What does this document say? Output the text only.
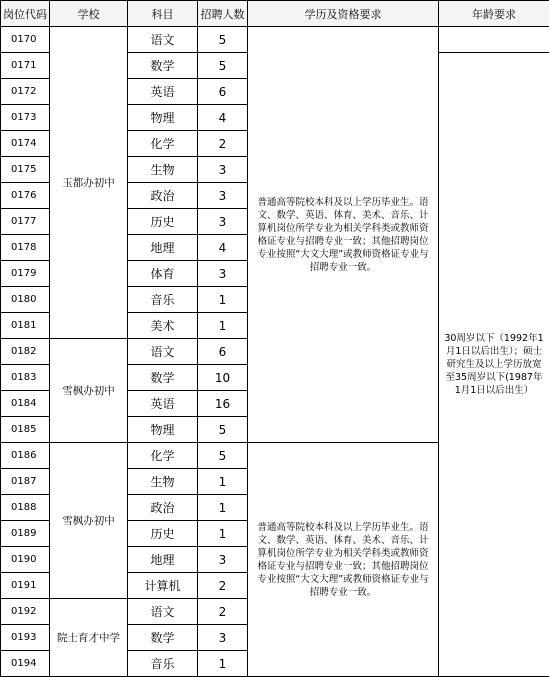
岗位代码	学校	科目	招聘人数	学历及资格要求	年龄要求
0170	玉都办初中	语文	5	普通高等院校本科及以上学历毕业生。语文、数学、英语、体育、美术、音乐、计算机岗位所学专业为相关学科类或教师资格证专业与招聘专业一致；其他招聘岗位专业按照“大文大理”或教师资格证专业与招聘专业一致。	
0171		数学	5		30周岁以下（1992年1月1日以后出生）；硕士研究生及以上学历放宽至35周岁以下(1987年1月1日以后出生）
0172		英语	6		
0173		物理	4		
0174		化学	2		
0175		生物	3		
0176		政治	3		
0177		历史	3		
0178		地理	4		
0179		体育	3		
0180		音乐	1		
0181		美术	1		
0182	雪枫办初中	语文	6		
0183		数学	10		
0184		英语	16		
0185		物理	5		
0186	雪枫办初中	化学	5	普通高等院校本科及以上学历毕业生。语文、数学、英语、体育、美术、音乐、计算机岗位所学专业为相关学科类或教师资格证专业与招聘专业一致；其他招聘岗位专业按照“大文大理”或教师资格证专业与招聘专业一致。	
0187		生物	1		
0188		政治	1		
0189		历史	1		
0190		地理	3		
0191		计算机	2		
0192	院士育才中学	语文	2		
0193		数学	3		
0194		音乐	1		
